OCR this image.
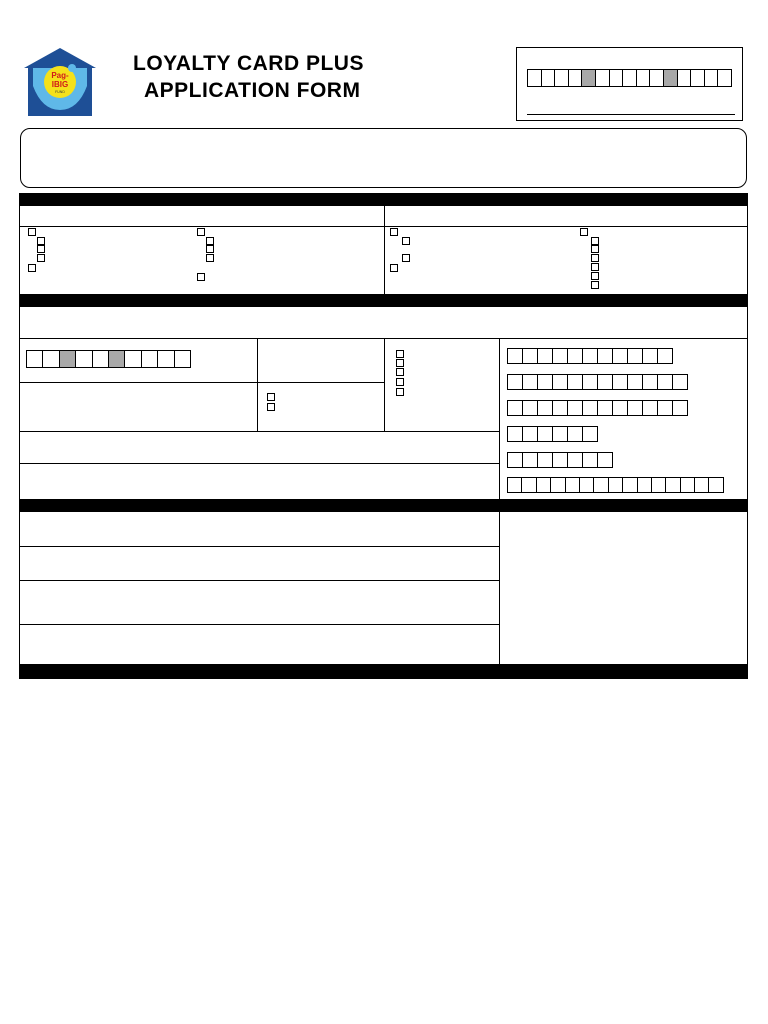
Pag-
IBIG
FUND
LOYALTY CARD PLUS
APPLICATION FORM
